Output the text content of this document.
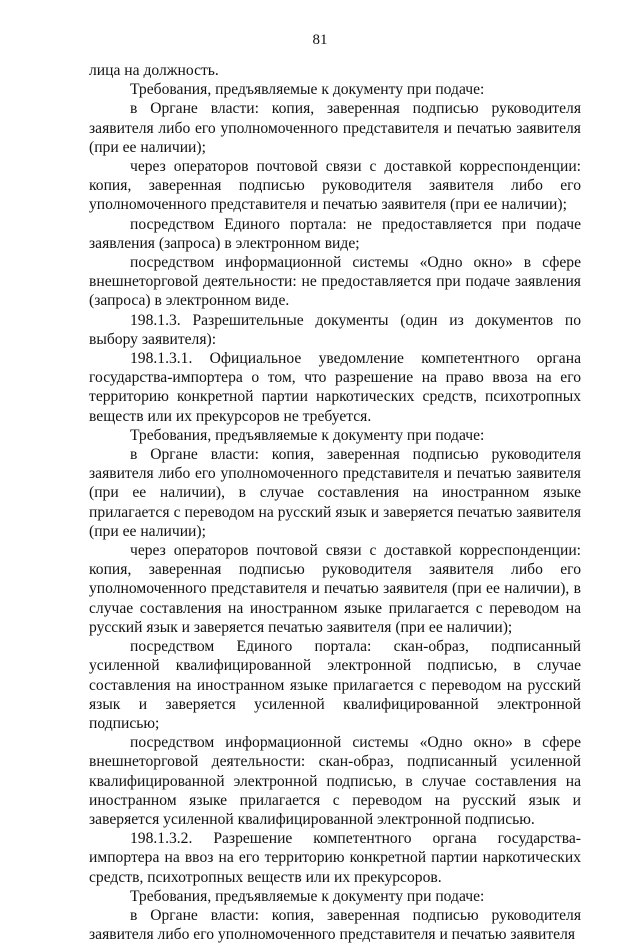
81

лица на должность.

Требования, предъявляемые к документу при подаче:

в Органе власти: копия, заверенная подписью руководителя заявителя либо его уполномоченного представителя и печатью заявителя (при ее наличии);

через операторов почтовой связи с доставкой корреспонденции: копия, заверенная подписью руководителя заявителя либо его уполномоченного представителя и печатью заявителя (при ее наличии);

посредством Единого портала: не предоставляется при подаче заявления (запроса) в электронном виде;

посредством информационной системы «Одно окно» в сфере внешнеторговой деятельности: не предоставляется при подаче заявления (запроса) в электронном виде.

198.1.3. Разрешительные документы (один из документов по выбору заявителя):

198.1.3.1. Официальное уведомление компетентного органа государства-импортера о том, что разрешение на право ввоза на его территорию конкретной партии наркотических средств, психотропных веществ или их прекурсоров не требуется.

Требования, предъявляемые к документу при подаче:

в Органе власти: копия, заверенная подписью руководителя заявителя либо его уполномоченного представителя и печатью заявителя (при ее наличии), в случае составления на иностранном языке прилагается с переводом на русский язык и заверяется печатью заявителя (при ее наличии);

через операторов почтовой связи с доставкой корреспонденции: копия, заверенная подписью руководителя заявителя либо его уполномоченного представителя и печатью заявителя (при ее наличии), в случае составления на иностранном языке прилагается с переводом на русский язык и заверяется печатью заявителя (при ее наличии);

посредством Единого портала: скан-образ, подписанный усиленной квалифицированной электронной подписью, в случае составления на иностранном языке прилагается с переводом на русский язык и заверяется усиленной квалифицированной электронной подписью;

посредством информационной системы «Одно окно» в сфере внешнеторговой деятельности: скан-образ, подписанный усиленной квалифицированной электронной подписью, в случае составления на иностранном языке прилагается с переводом на русский язык и заверяется усиленной квалифицированной электронной подписью.

198.1.3.2. Разрешение компетентного органа государства-импортера на ввоз на его территорию конкретной партии наркотических средств, психотропных веществ или их прекурсоров.

Требования, предъявляемые к документу при подаче:

в Органе власти: копия, заверенная подписью руководителя заявителя либо его уполномоченного представителя и печатью заявителя
